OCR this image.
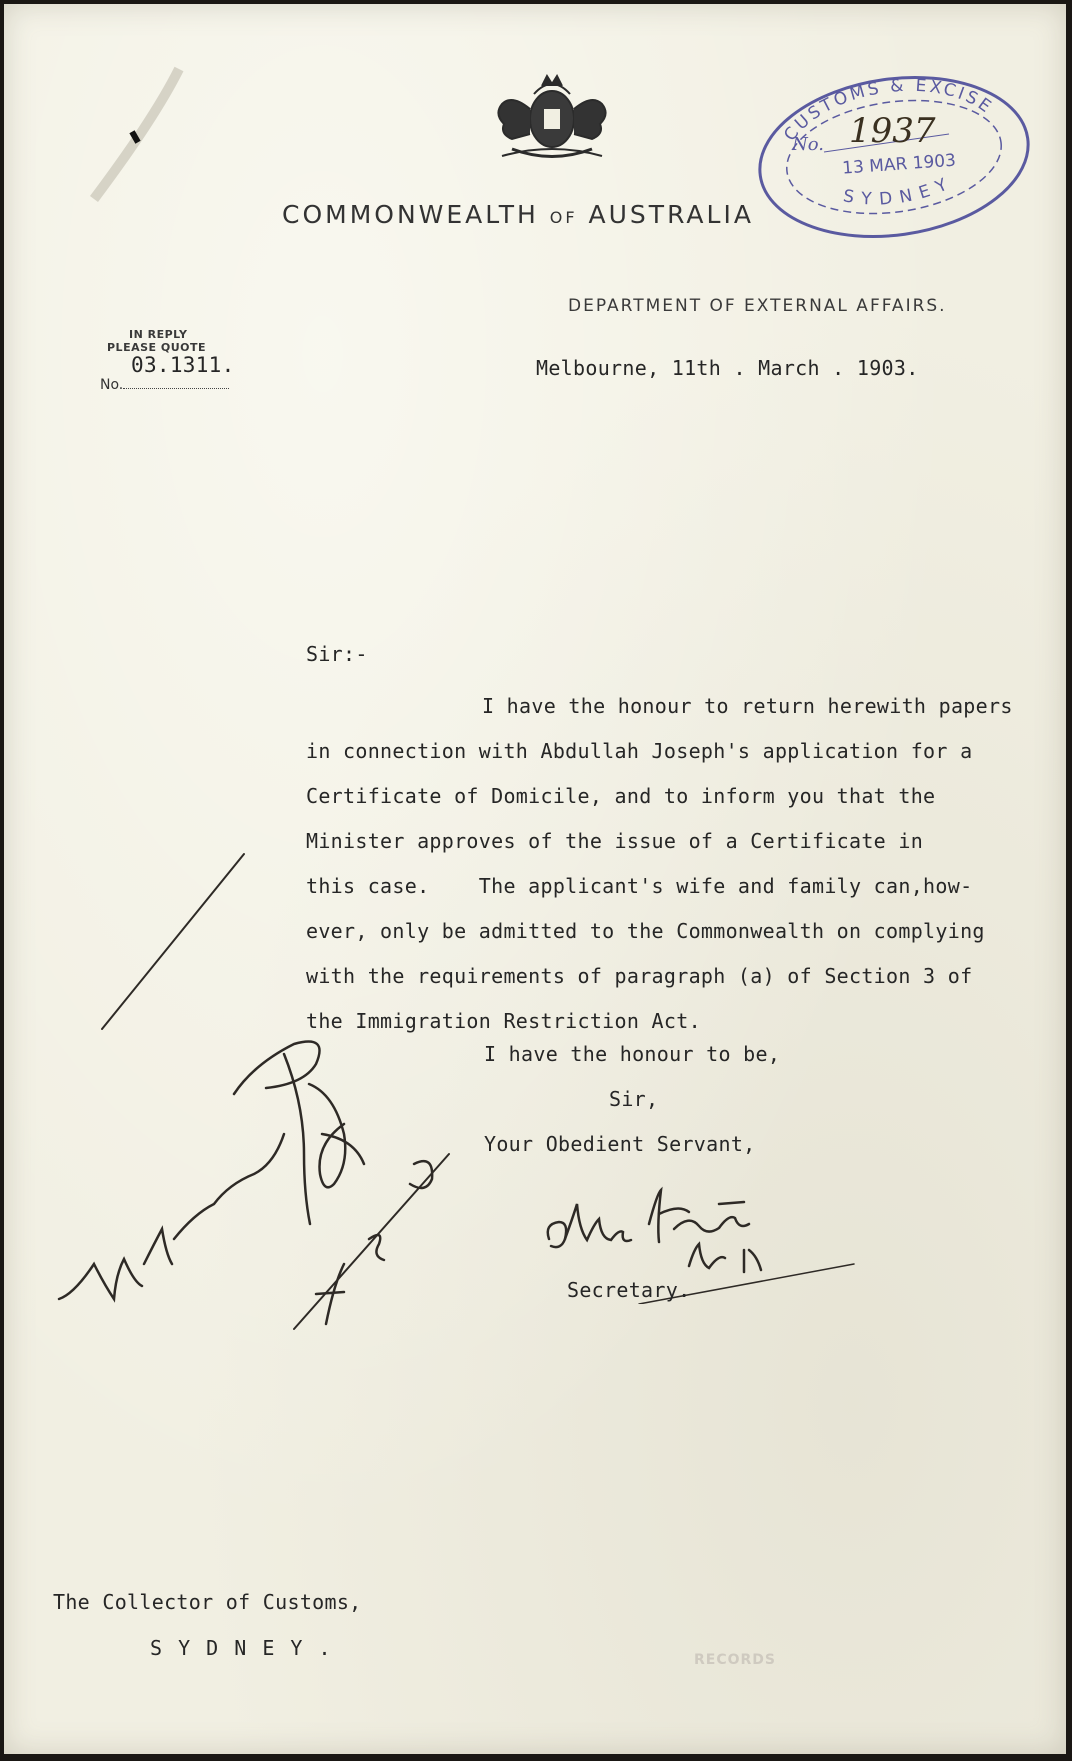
COMMONWEALTH OF AUSTRALIA
DEPARTMENT OF EXTERNAL AFFAIRS.
CUSTOMS & EXCISE
SYDNEY
No. 1937
13 MAR 1903
IN REPLY
PLEASE QUOTE
03.1311.
No.
Melbourne, 11th . March . 1903.
Sir:-
I have the honour to return herewith papers
in connection with Abdullah Joseph's application for a
Certificate of Domicile, and to inform you that the
Minister approves of the issue of a Certificate in
this case.    The applicant's wife and family can,how-
ever, only be admitted to the Commonwealth on complying
with the requirements of paragraph (a) of Section 3 of
the Immigration Restriction Act.
I have the honour to be,
Sir,
Your Obedient Servant,
Secretary.
RECORDS
The Collector of Customs,
S Y D N E Y .
